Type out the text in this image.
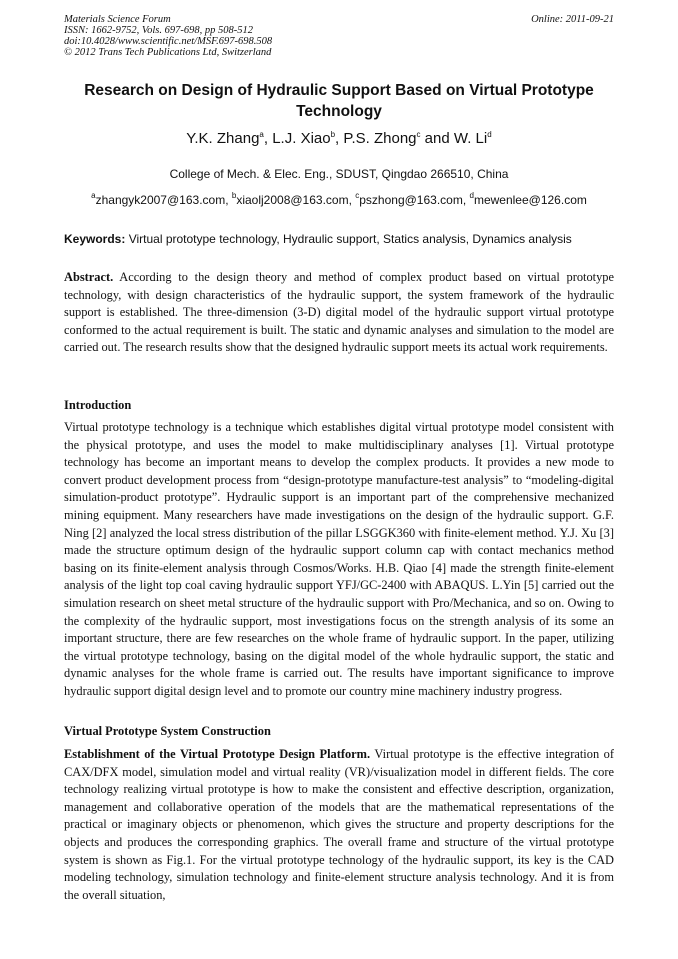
Materials Science Forum
ISSN: 1662-9752, Vols. 697-698, pp 508-512
doi:10.4028/www.scientific.net/MSF.697-698.508
© 2012 Trans Tech Publications Ltd, Switzerland
Online: 2011-09-21
Research on Design of Hydraulic Support Based on Virtual Prototype Technology
Y.K. Zhang$^a$, L.J. Xiao$^b$, P.S. Zhong$^c$ and W. Li$^d$
College of Mech. & Elec. Eng., SDUST, Qingdao 266510, China
$^a$zhangyk2007@163.com, $^b$xiaolj2008@163.com, $^c$pszhong@163.com, $^d$mewenlee@126.com
Keywords: Virtual prototype technology, Hydraulic support, Statics analysis, Dynamics analysis
Abstract. According to the design theory and method of complex product based on virtual prototype technology, with design characteristics of the hydraulic support, the system framework of the hydraulic support is established. The three-dimension (3-D) digital model of the hydraulic support virtual prototype conformed to the actual requirement is built. The static and dynamic analyses and simulation to the model are carried out. The research results show that the designed hydraulic support meets its actual work requirements.
Introduction
Virtual prototype technology is a technique which establishes digital virtual prototype model consistent with the physical prototype, and uses the model to make multidisciplinary analyses [1]. Virtual prototype technology has become an important means to develop the complex products. It provides a new mode to convert product development process from “design-prototype manufacture-test analysis” to “modeling-digital simulation-product prototype”. Hydraulic support is an important part of the comprehensive mechanized mining equipment. Many researchers have made investigations on the design of the hydraulic support. G.F. Ning [2] analyzed the local stress distribution of the pillar LSGGK360 with finite-element method. Y.J. Xu [3] made the structure optimum design of the hydraulic support column cap with contact mechanics method basing on its finite-element analysis through Cosmos/Works. H.B. Qiao [4] made the strength finite-element analysis of the light top coal caving hydraulic support YFJ/GC-2400 with ABAQUS. L.Yin [5] carried out the simulation research on sheet metal structure of the hydraulic support with Pro/Mechanica, and so on. Owing to the complexity of the hydraulic support, most investigations focus on the strength analysis of its some an important structure, there are few researches on the whole frame of hydraulic support. In the paper, utilizing the virtual prototype technology, basing on the digital model of the whole hydraulic support, the static and dynamic analyses for the whole frame is carried out. The results have important significance to improve hydraulic support digital design level and to promote our country mine machinery industry progress.
Virtual Prototype System Construction
Establishment of the Virtual Prototype Design Platform. Virtual prototype is the effective integration of CAX/DFX model, simulation model and virtual reality (VR)/visualization model in different fields. The core technology realizing virtual prototype is how to make the consistent and effective description, organization, management and collaborative operation of the models that are the mathematical representations of the practical or imaginary objects or phenomenon, which gives the structure and property descriptions for the objects and produces the corresponding graphics. The overall frame and structure of the virtual prototype system is shown as Fig.1. For the virtual prototype technology of the hydraulic support, its key is the CAD modeling technology, simulation technology and finite-element structure analysis technology. And it is from the overall situation,
